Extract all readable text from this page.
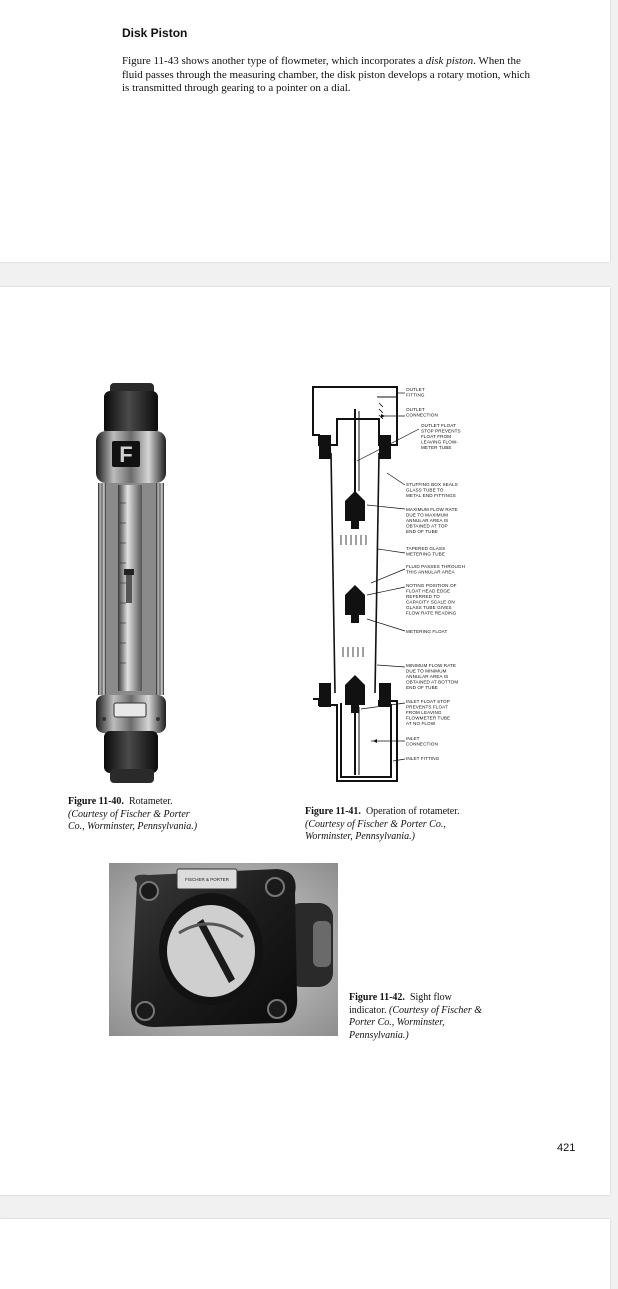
Disk Piston

Figure 11-43 shows another type of flowmeter, which incorporates a disk piston. When the fluid passes through the measuring chamber, the disk piston develops a rotary motion, which is transmitted through gearing to a pointer on a dial.

F

Figure 11-40. Rotameter. (Courtesy of Fischer & Porter Co., Worminster, Pennsylvania.)

OUTLET
FITTING
OUTLET
CONNECTION
OUTLET FLOAT
STOP PREVENTS
FLOAT FROM
LEAVING FLOW-
METER TUBE
STUFFING BOX SEALS
GLASS TUBE TO
METAL END FITTINGS
MAXIMUM FLOW RATE
DUE TO MAXIMUM
ANNULAR AREA IS
OBTAINED AT TOP
END OF TUBE
TAPERED GLASS
METERING TUBE
FLUID PASSES THROUGH
THIS ANNULAR AREA
NOTING POSITION OF
FLOAT HEAD EDGE
REFERRED TO
CAPACITY SCALE ON
GLASS TUBE GIVES
FLOW RATE READING
METERING FLOAT
MINIMUM FLOW RATE
DUE TO MINIMUM
ANNULAR AREA IS
OBTAINED AT BOTTOM
END OF TUBE
INLET FLOAT STOP
PREVENTS FLOAT
FROM LEAVING
FLOWMETER TUBE
AT NO FLOW
INLET
CONNECTION
INLET FITTING

Figure 11-41. Operation of rotameter. (Courtesy of Fischer & Porter Co., Worminster, Pennsylvania.)

FISCHER & PORTER

Figure 11-42. Sight flow indicator. (Courtesy of Fischer & Porter Co., Worminster, Pennsylvania.)

421
